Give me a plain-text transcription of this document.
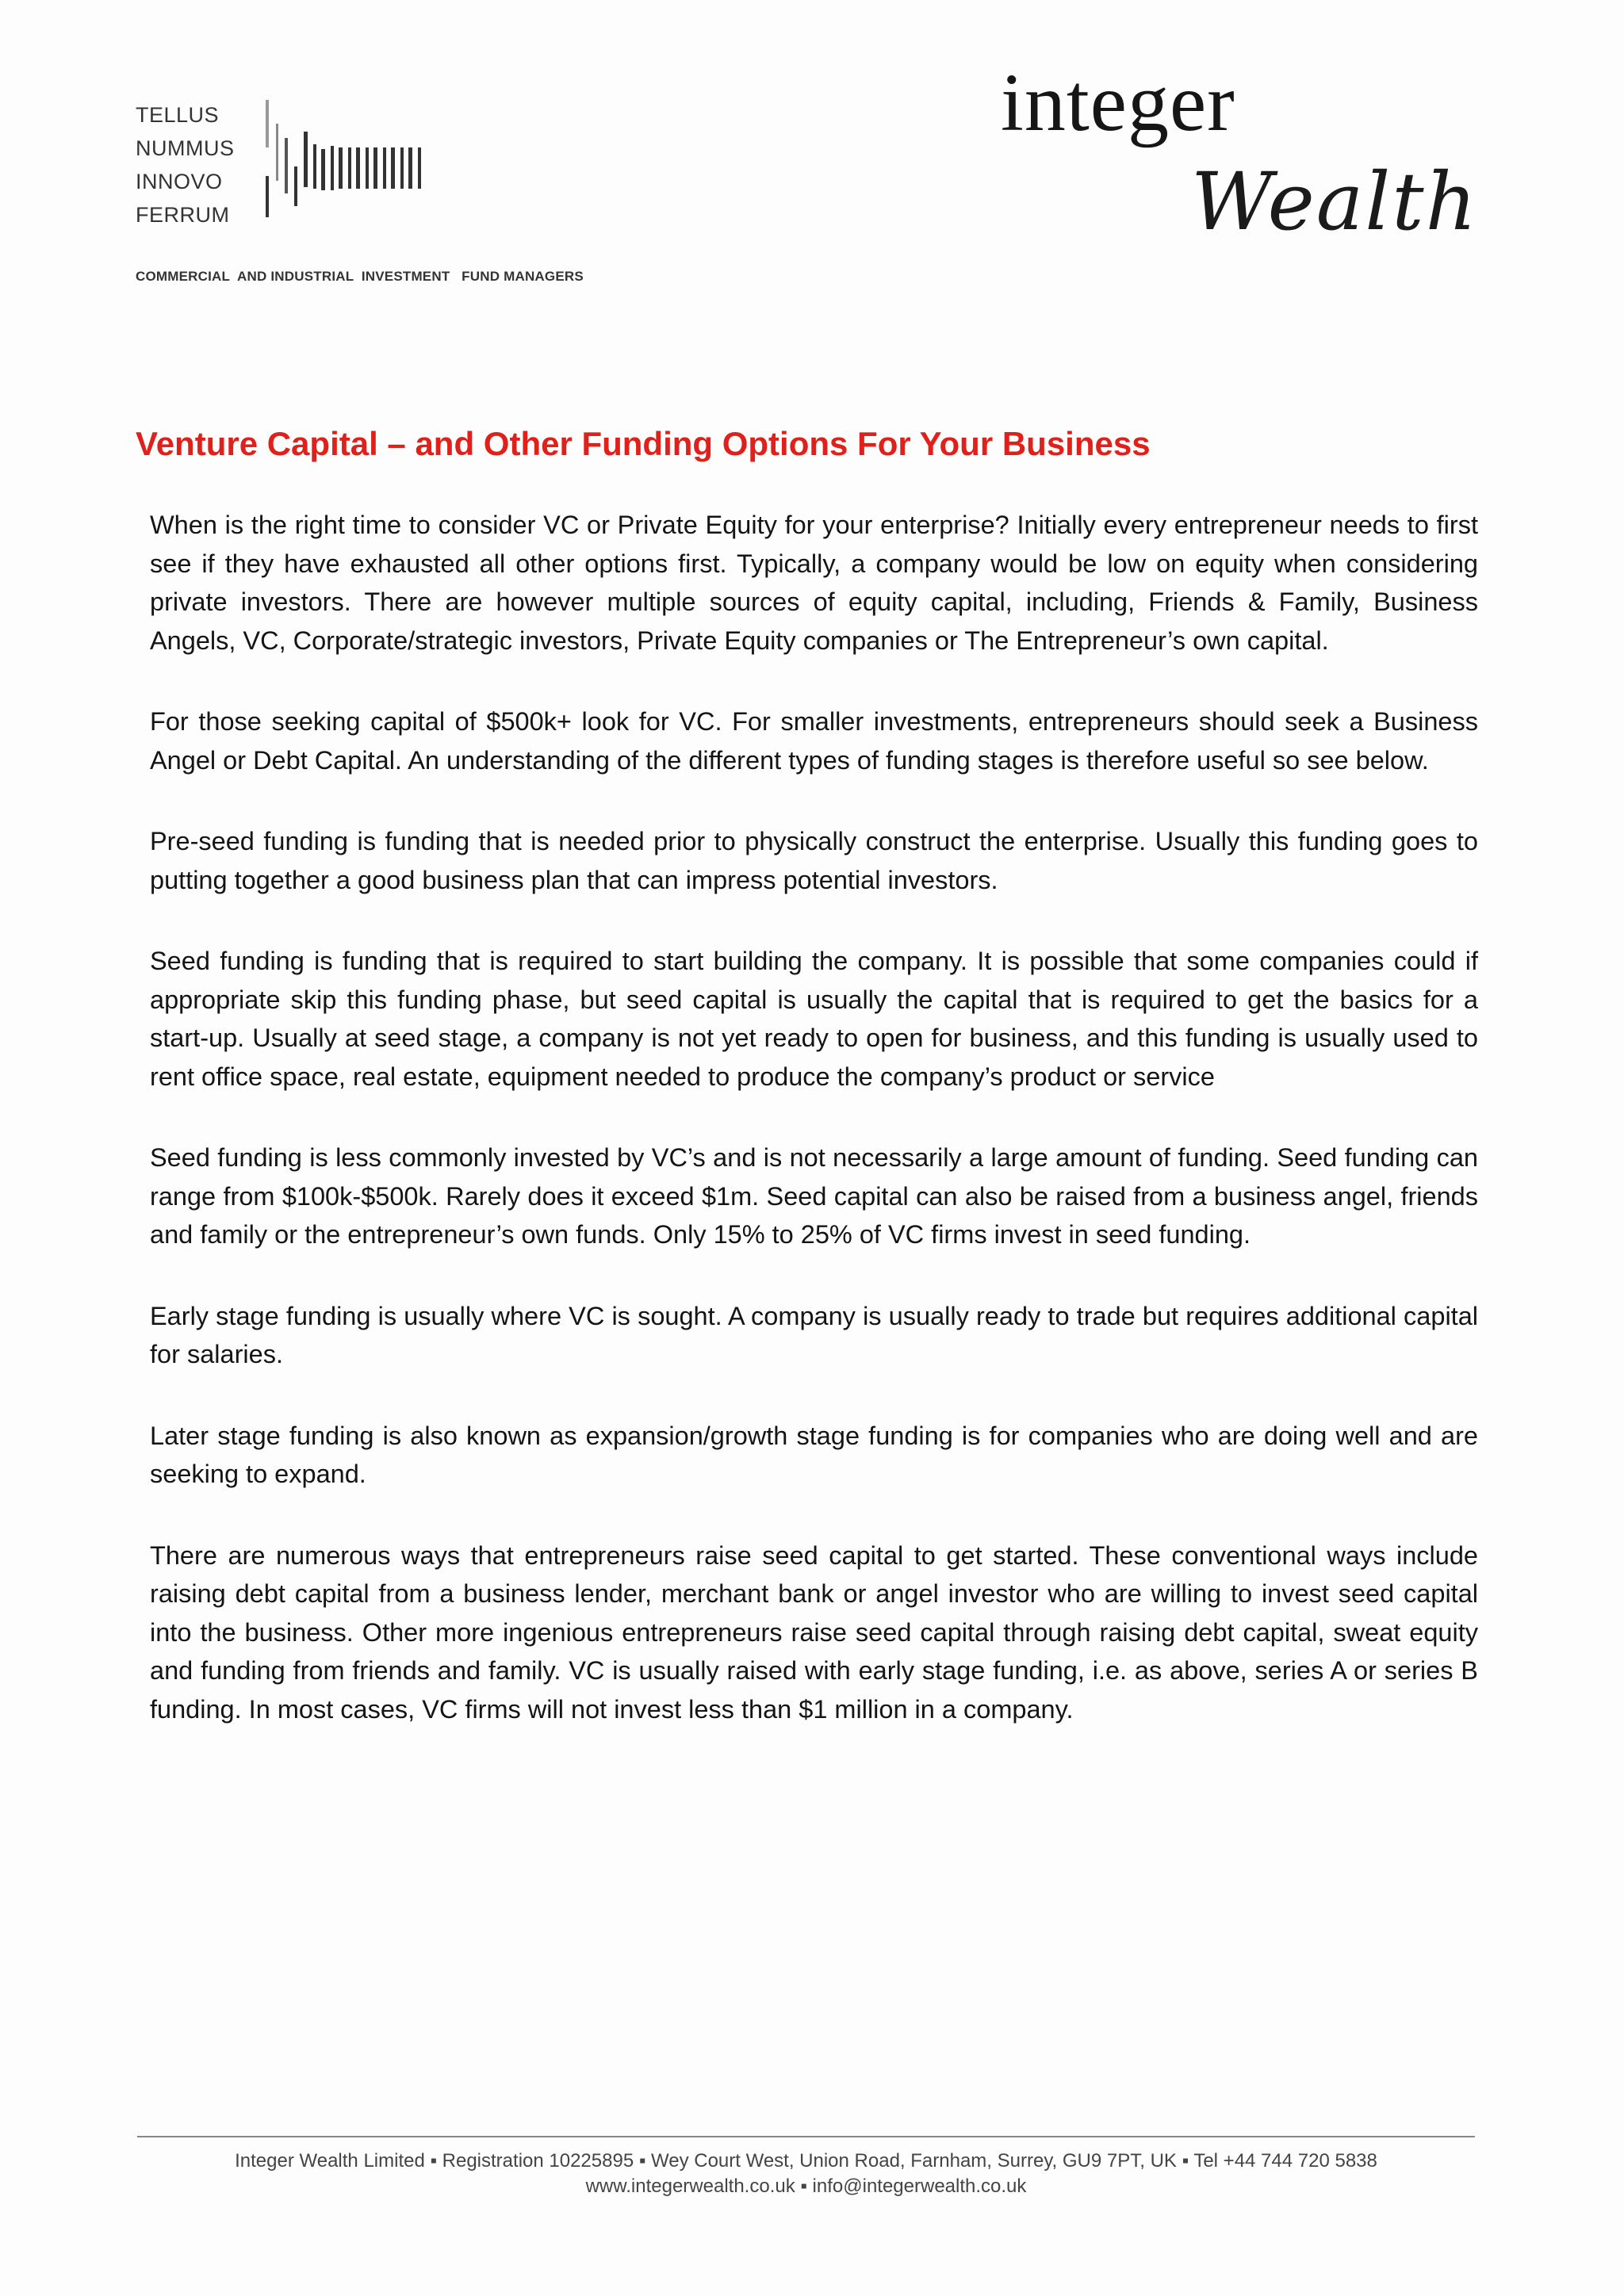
TELLUS
NUMMUS
INNOVO
FERRUM
COMMERCIAL  AND INDUSTRIAL  INVESTMENT   FUND MANAGERS
integer
Wealth
Venture Capital – and Other Funding Options For Your Business

When is the right time to consider VC or Private Equity for your enterprise? Initially every entrepreneur needs to first see if they have exhausted all other options first. Typically, a company would be low on equity when considering private investors. There are however multiple sources of equity capital, including, Friends & Family, Business Angels, VC, Corporate/strategic investors, Private Equity companies or The Entrepreneur’s own capital.

For those seeking capital of $500k+ look for VC. For smaller investments, entrepreneurs should seek a Business Angel or Debt Capital. An understanding of the different types of funding stages is therefore useful so see below.

Pre-seed funding is funding that is needed prior to physically construct the enterprise. Usually this funding goes to putting together a good business plan that can impress potential investors.

Seed funding is funding that is required to start building the company. It is possible that some companies could if appropriate skip this funding phase, but seed capital is usually the capital that is required to get the basics for a start-up. Usually at seed stage, a company is not yet ready to open for business, and this funding is usually used to rent office space, real estate, equipment needed to produce the company’s product or service

Seed funding is less commonly invested by VC’s and is not necessarily a large amount of funding. Seed funding can range from $100k-$500k. Rarely does it exceed $1m. Seed capital can also be raised from a business angel, friends and family or the entrepreneur’s own funds. Only 15% to 25% of VC firms invest in seed funding.

Early stage funding is usually where VC is sought. A company is usually ready to trade but requires additional capital for salaries.

Later stage funding is also known as expansion/growth stage funding is for companies who are doing well and are seeking to expand.

There are numerous ways that entrepreneurs raise seed capital to get started. These conventional ways include raising debt capital from a business lender, merchant bank or angel investor who are willing to invest seed capital into the business. Other more ingenious entrepreneurs raise seed capital through raising debt capital, sweat equity and funding from friends and family. VC is usually raised with early stage funding, i.e. as above, series A or series B funding. In most cases, VC firms will not invest less than $1 million in a company.

Integer Wealth Limited ▪ Registration 10225895 ▪ Wey Court West, Union Road, Farnham, Surrey, GU9 7PT, UK ▪ Tel +44 744 720 5838
www.integerwealth.co.uk ▪ info@integerwealth.co.uk
